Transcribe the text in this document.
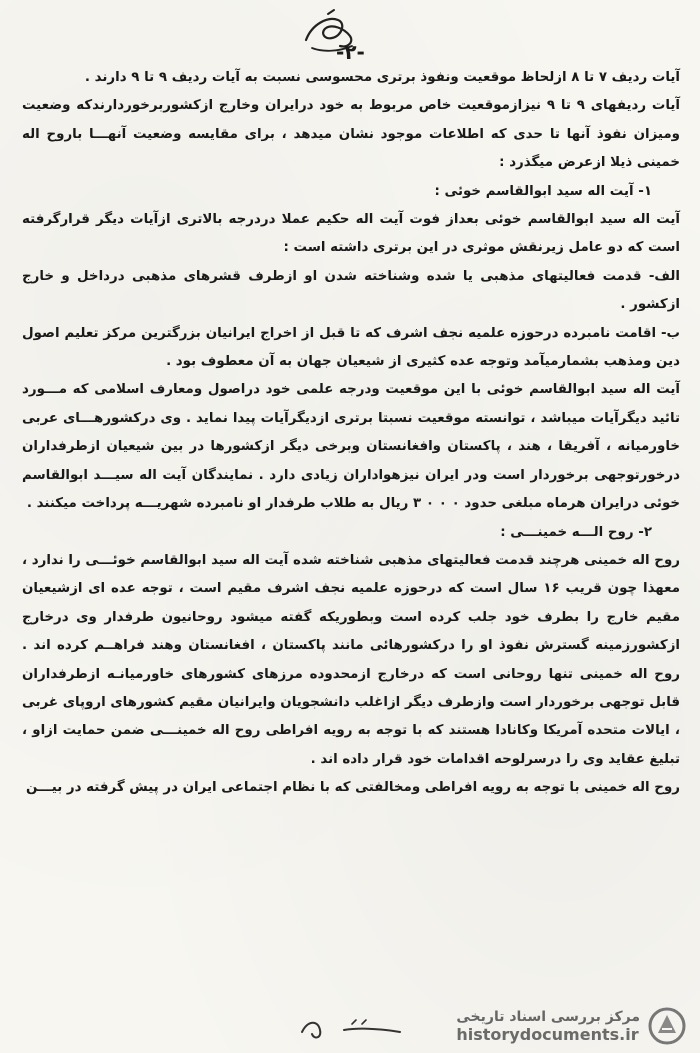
-٢-

آیات ردیف ۷ تا ۸ ازلحاظ موقعیت ونفوذ برتری محسوسی نسبت به آیات ردیف ۹ تا ۹ دارند .

آیات ردیفهای ۹ تا ۹ نیزازموقعیت خاص مربوط به خود درایران وخارج ازکشوربرخوردارندکه وضعیت ومیزان نفوذ آنها تا حدی که اطلاعات موجود نشان میدهد ، برای مقایسه وضعیت آنهـــا باروح اله خمینی ذیلا ازعرض میگذرد :

١- آیت اله سید ابوالقاسم خوئی :

آیت اله سید ابوالقاسم خوئی بعداز فوت آیت اله حکیم عملا دردرجه بالاتری ازآیات دیگر قرارگرفته است که دو عامل زیرنقش موثری در این برتری داشته است :

الف- قدمت فعالیتهای مذهبی یا شده وشناخته شدن او ازطرف قشرهای مذهبی درداخل و خارج ازکشور .

ب- اقامت نامبرده درحوزه علمیه نجف اشرف که تا قبل از اخراج ایرانیان بزرگترین مرکز تعلیم اصول دین ومذهب بشمارمیآمد وتوجه عده کثیری از شیعیان جهان به آن معطوف بود .

آیت اله سید ابوالقاسم خوئی با این موقعیت ودرجه علمی خود دراصول ومعارف اسلامی که مـــورد تائید دیگرآیات میباشد ، توانسته موقعیت نسبتا برتری ازدیگرآیات پیدا نماید . وی درکشورهـــای عربی خاورمیانه ، آفریقا ، هند ، پاکستان وافغانستان وبرخی دیگر ازکشورها در بین شیعیان ازطرفداران درخورتوجهی برخوردار است ودر ایران نیزهواداران زیادی دارد . نمایندگان آیت اله سیـــد ابوالقاسم خوئی درایران هرماه مبلغی حدود ۰ ۰ ۰ ۳ ریال به طلاب طرفدار او نامبرده شهریـــه پرداخت میکنند .

٢- روح الـــه خمینـــی :

روح اله خمینی هرچند قدمت فعالیتهای مذهبی شناخته شده آیت اله سید ابوالقاسم خوئـــی را ندارد ، معهذا چون قریب ۱۶ سال است که درحوزه علمیه نجف اشرف مقیم است ، توجه عده ای ازشیعیان مقیم خارج را بطرف خود جلب کرده است وبطوریکه گفته میشود روحانیون طرفدار وی درخارج ازکشورزمینه گسترش نفوذ او را درکشورهائی مانند پاکستان ، افغانستان وهند فراهــم کرده اند . روح اله خمینی تنها روحانی است که درخارج ازمحدوده مرزهای کشورهای خاورمیانـه ازطرفداران قابل توجهی برخوردار است وازطرف دیگر ازاغلب دانشجویان وایرانیان مقیم کشورهای اروپای غربی ، ایالات متحده آمریکا وکانادا هستند که با توجه به رویه افراطی روح اله خمینـــی ضمن حمایت ازاو ، تبلیغ عقاید وی را درسرلوحه اقدامات خود قرار داده اند .

روح اله خمینی با توجه به رویه افراطی ومخالفتی که با نظام اجتماعی ایران در پیش گرفته در بیـــن

مرکز بررسی اسناد تاریخی
historydocuments.ir
